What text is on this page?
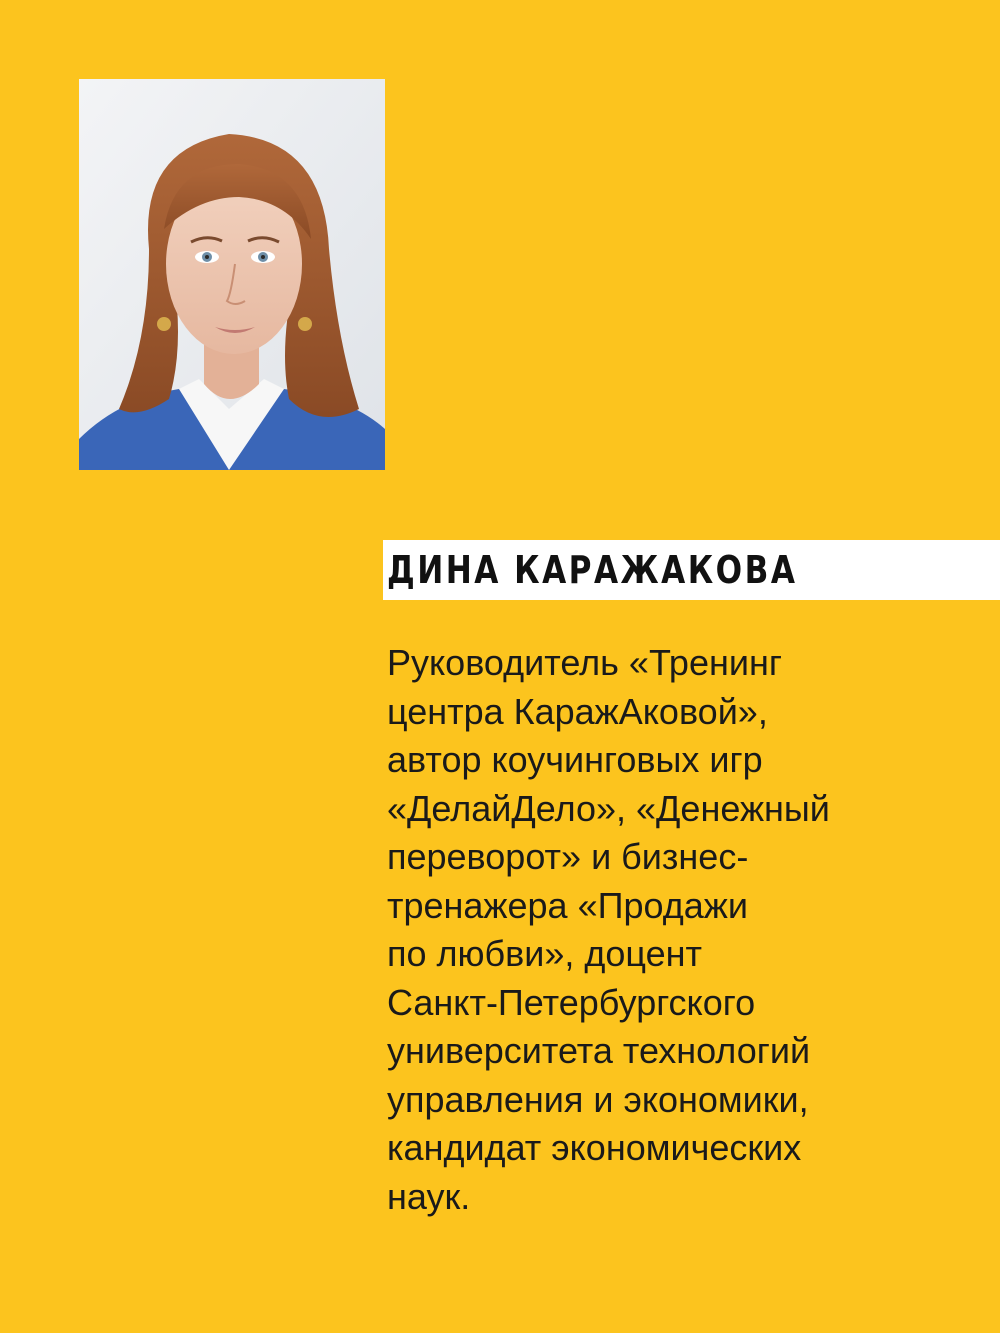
ДИНА КАРАЖАКОВА
Руководитель «Тренинг
центра КаражАковой»,
автор коучинговых игр
«ДелайДело», «Денежный
переворот» и бизнес-
тренажера «Продажи
по любви», доцент
Санкт-Петербургского
университета технологий
управления и экономики,
кандидат экономических
наук.
